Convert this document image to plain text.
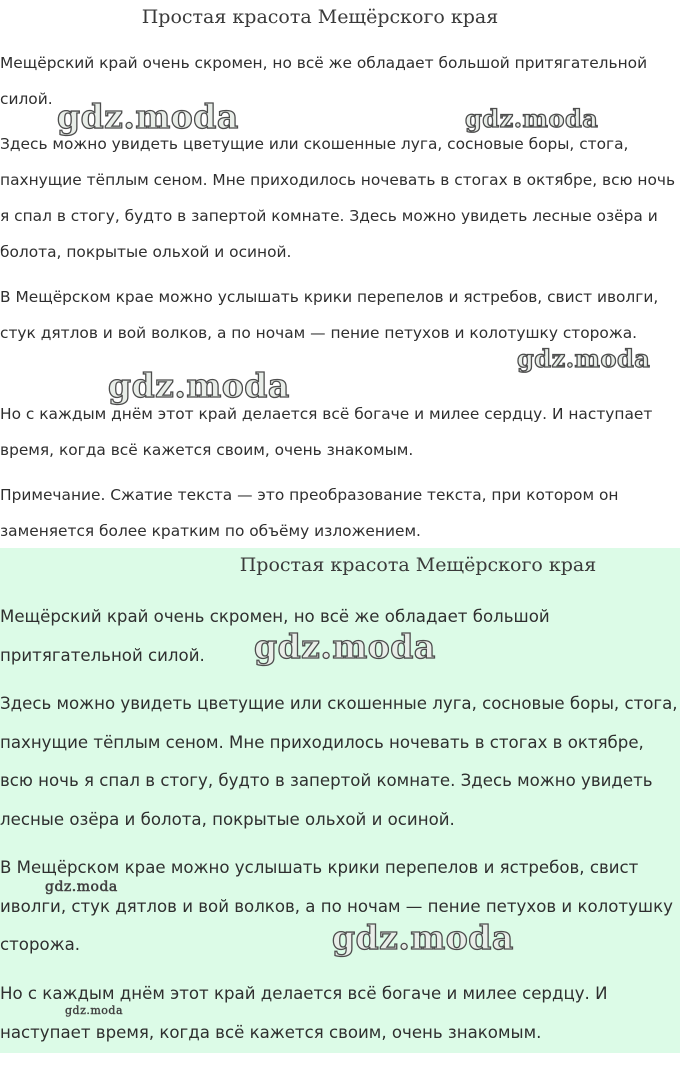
Простая красота Мещёрского края

Мещёрский край очень скромен, но всё же обладает большой притягательной силой.

Здесь можно увидеть цветущие или скошенные луга, сосновые боры, стога, пахнущие тёплым сеном. Мне приходилось ночевать в стогах в октябре, всю ночь я спал в стогу, будто в запертой комнате. Здесь можно увидеть лесные озёра и болота, покрытые ольхой и осиной.

В Мещёрском крае можно услышать крики перепелов и ястребов, свист иволги, стук дятлов и вой волков, а по ночам — пение петухов и колотушку сторожа.

Но с каждым днём этот край делается всё богаче и милее сердцу. И наступает время, когда всё кажется своим, очень знакомым.

Примечание. Сжатие текста — это преобразование текста, при котором он заменяется более кратким по объёму изложением.

Простая красота Мещёрского края

Мещёрский край очень скромен, но всё же обладает большой притягательной силой.

Здесь можно увидеть цветущие или скошенные луга, сосновые боры, стога, пахнущие тёплым сеном. Мне приходилось ночевать в стогах в октябре, всю ночь я спал в стогу, будто в запертой комнате. Здесь можно увидеть лесные озёра и болота, покрытые ольхой и осиной.

В Мещёрском крае можно услышать крики перепелов и ястребов, свист иволги, стук дятлов и вой волков, а по ночам — пение петухов и колотушку сторожа.

Но с каждым днём этот край делается всё богаче и милее сердцу. И наступает время, когда всё кажется своим, очень знакомым.

gdz.moda	gdz.moda
gdz.moda
gdz.moda
gdz.moda
gdz.moda
gdz.moda
gdz.moda
